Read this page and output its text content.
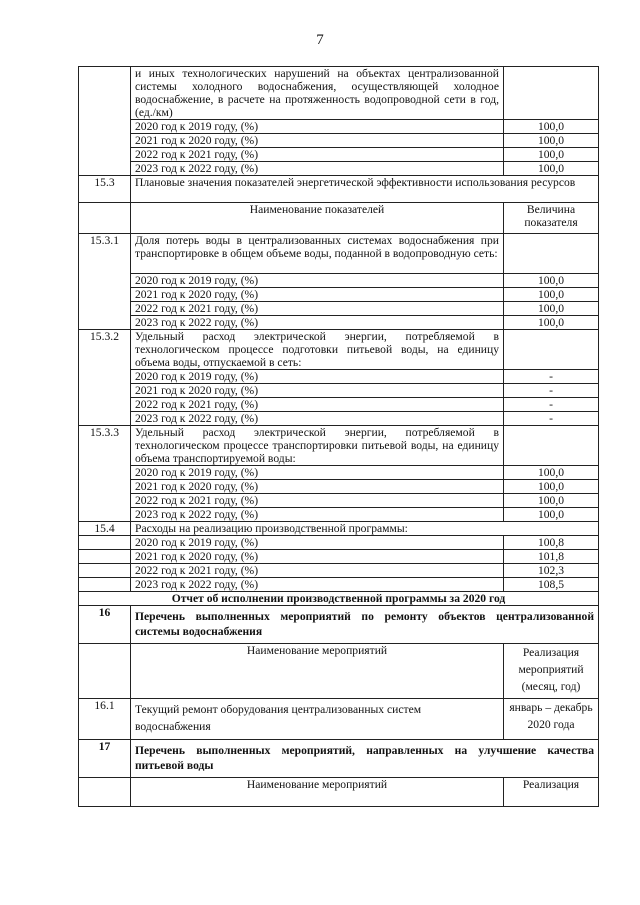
7
	и иных технологических нарушений на объектах централизованной системы холодного водоснабжения, осуществляющей холодное водоснабжение, в расчете на протяженность водопроводной сети в год, (ед./км)	
	2020 год к 2019 году, (%)	100,0
	2021 год к 2020 году, (%)	100,0
	2022 год к 2021 году, (%)	100,0
	2023 год к 2022 году, (%)	100,0
15.3	Плановые значения показателей энергетической эффективности использования ресурсов	
	Наименование показателей	Величина показателя
15.3.1	Доля потерь воды в централизованных системах водоснабжения при транспортировке в общем объеме воды, поданной в водопроводную сеть:	
	2020 год к 2019 году, (%)	100,0
	2021 год к 2020 году, (%)	100,0
	2022 год к 2021 году, (%)	100,0
	2023 год к 2022 году, (%)	100,0
15.3.2	Удельный расход электрической энергии, потребляемой в технологическом процессе подготовки питьевой воды, на единицу объема воды, отпускаемой в сеть:	
	2020 год к 2019 году, (%)	-
	2021 год к 2020 году, (%)	-
	2022 год к 2021 году, (%)	-
	2023 год к 2022 году, (%)	-
15.3.3	Удельный расход электрической энергии, потребляемой в технологическом процессе транспортировки питьевой воды, на единицу объема транспортируемой воды:	
	2020 год к 2019 году, (%)	100,0
	2021 год к 2020 году, (%)	100,0
	2022 год к 2021 году, (%)	100,0
	2023 год к 2022 году, (%)	100,0
15.4	Расходы на реализацию производственной программы:	
	2020 год к 2019 году, (%)	100,8
	2021 год к 2020 году, (%)	101,8
	2022 год к 2021 году, (%)	102,3
	2023 год к 2022 году, (%)	108,5
Отчет об исполнении производственной программы за 2020 год		
16	Перечень выполненных мероприятий по ремонту объектов централизованной системы водоснабжения	
	Наименование мероприятий	Реализация мероприятий (месяц, год)
16.1	Текущий ремонт оборудования централизованных систем водоснабжения	январь – декабрь 2020 года
17	Перечень выполненных мероприятий, направленных на улучшение качества питьевой воды	
	Наименование мероприятий	Реализация
